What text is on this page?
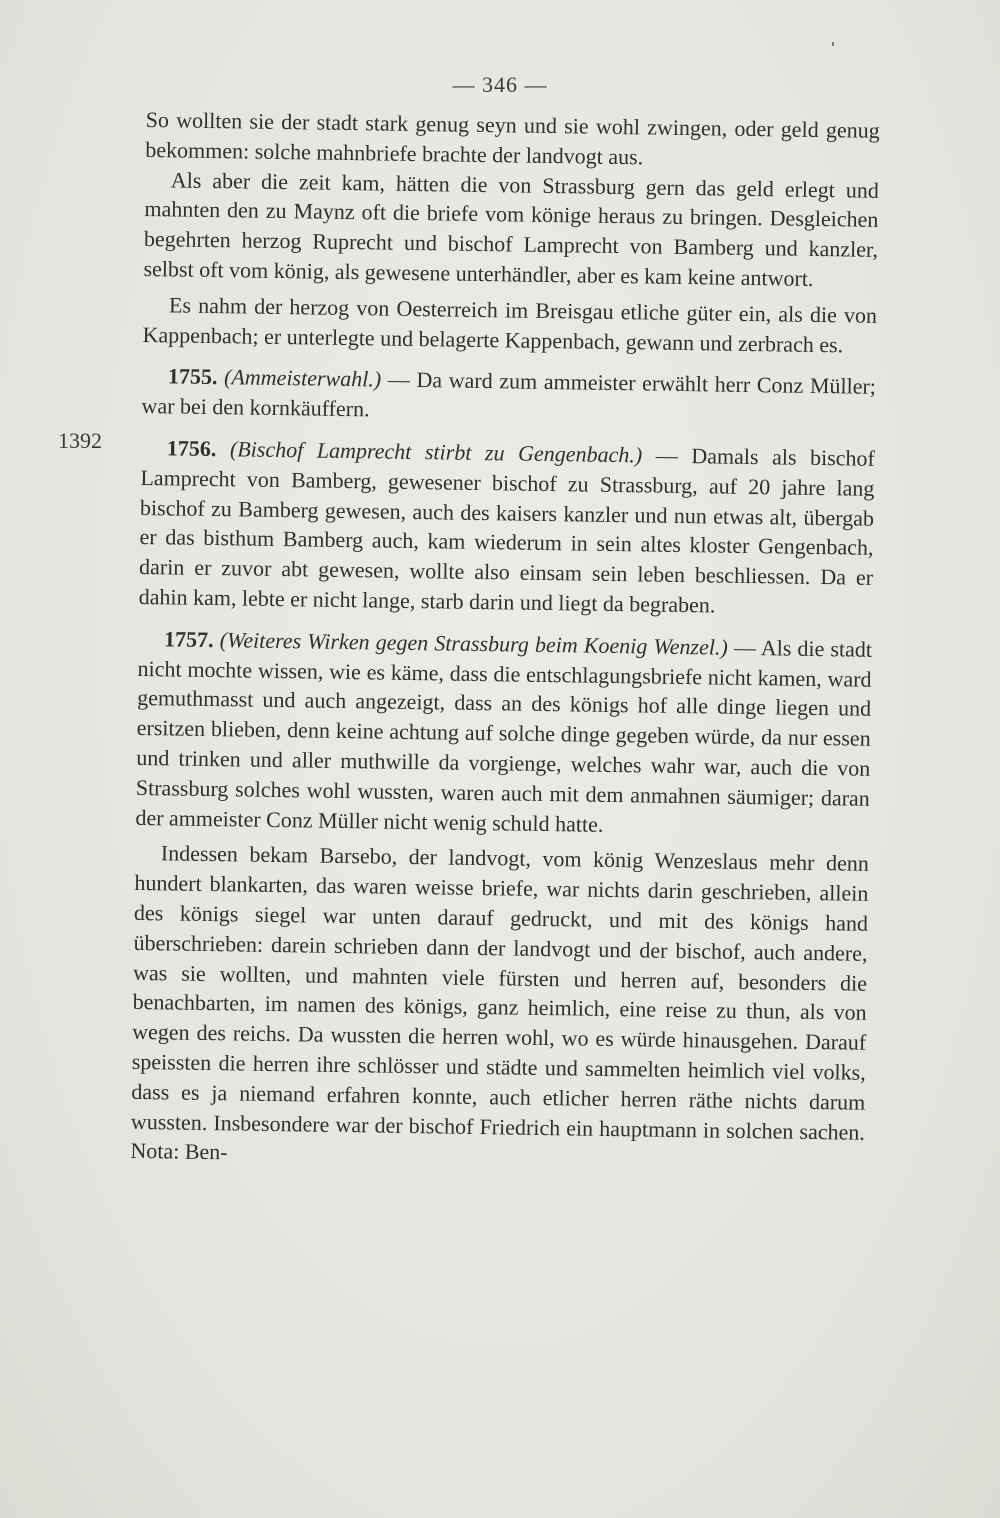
— 346 —
1392

So wollten sie der stadt stark genug seyn und sie wohl zwingen, oder geld genug bekommen: solche mahnbriefe brachte der landvogt aus.

Als aber die zeit kam, hätten die von Strassburg gern das geld erlegt und mahnten den zu Maynz oft die briefe vom könige heraus zu bringen. Desgleichen begehrten herzog Ruprecht und bischof Lamprecht von Bamberg und kanzler, selbst oft vom könig, als gewesene unterhändler, aber es kam keine antwort.

Es nahm der herzog von Oesterreich im Breisgau etliche güter ein, als die von Kappenbach; er unterlegte und belagerte Kappenbach, gewann und zerbrach es.

1755. (Ammeisterwahl.) — Da ward zum ammeister erwählt herr Conz Müller; war bei den kornkäuffern.

1756. (Bischof Lamprecht stirbt zu Gengenbach.) — Damals als bischof Lamprecht von Bamberg, gewesener bischof zu Strassburg, auf 20 jahre lang bischof zu Bamberg gewesen, auch des kaisers kanzler und nun etwas alt, übergab er das bisthum Bamberg auch, kam wiederum in sein altes kloster Gengenbach, darin er zuvor abt gewesen, wollte also einsam sein leben beschliessen. Da er dahin kam, lebte er nicht lange, starb darin und liegt da begraben.

1757. (Weiteres Wirken gegen Strassburg beim Koenig Wenzel.) — Als die stadt nicht mochte wissen, wie es käme, dass die entschlagungsbriefe nicht kamen, ward gemuthmasst und auch angezeigt, dass an des königs hof alle dinge liegen und ersitzen blieben, denn keine achtung auf solche dinge gegeben würde, da nur essen und trinken und aller muthwille da vorgienge, welches wahr war, auch die von Strassburg solches wohl wussten, waren auch mit dem anmahnen säumiger; daran der ammeister Conz Müller nicht wenig schuld hatte.

Indessen bekam Barsebo, der landvogt, vom könig Wenzeslaus mehr denn hundert blankarten, das waren weisse briefe, war nichts darin geschrieben, allein des königs siegel war unten darauf gedruckt, und mit des königs hand überschrieben: darein schrieben dann der landvogt und der bischof, auch andere, was sie wollten, und mahnten viele fürsten und herren auf, besonders die benachbarten, im namen des königs, ganz heimlich, eine reise zu thun, als von wegen des reichs. Da wussten die herren wohl, wo es würde hinausgehen. Darauf speissten die herren ihre schlösser und städte und sammelten heimlich viel volks, dass es ja niemand erfahren konnte, auch etlicher herren räthe nichts darum wussten. Insbesondere war der bischof Friedrich ein hauptmann in solchen sachen. Nota: Ben-
